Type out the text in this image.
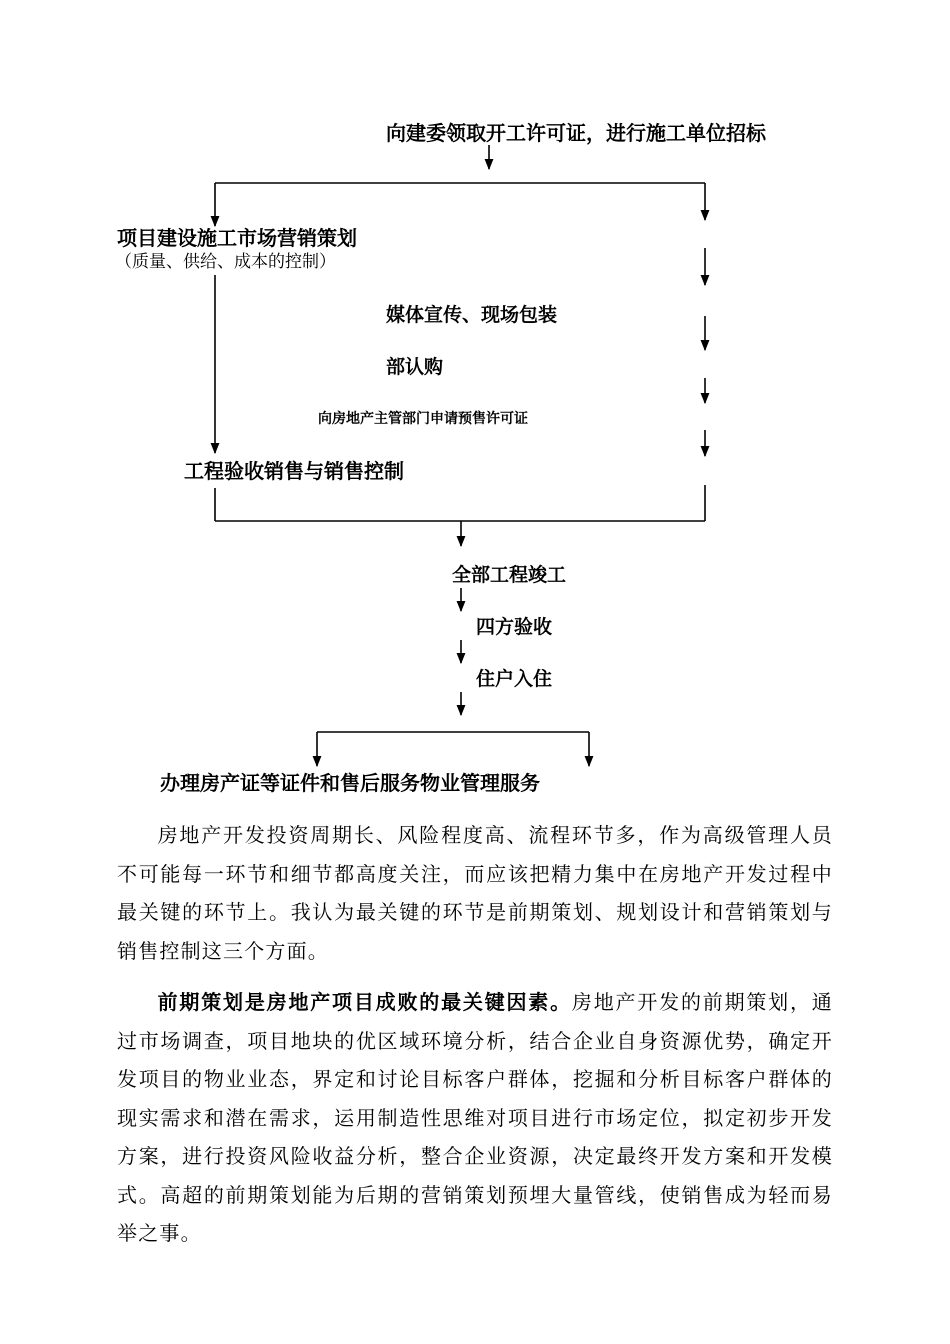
向建委领取开工许可证，进行施工单位招标
项目建设施工市场营销策划
（质量、供给、成本的控制）
媒体宣传、现场包装
部认购
向房地产主管部门申请预售许可证
工程验收销售与销售控制
全部工程竣工
四方验收
住户入住
办理房产证等证件和售后服务物业管理服务

房地产开发投资周期长、风险程度高、流程环节多，作为高级管理人员不可能每一环节和细节都高度关注，而应该把精力集中在房地产开发过程中最关键的环节上。我认为最关键的环节是前期策划、规划设计和营销策划与销售控制这三个方面。

前期策划是房地产项目成败的最关键因素。房地产开发的前期策划，通过市场调查，项目地块的优区域环境分析，结合企业自身资源优势，确定开发项目的物业业态，界定和讨论目标客户群体，挖掘和分析目标客户群体的现实需求和潜在需求，运用制造性思维对项目进行市场定位，拟定初步开发方案，进行投资风险收益分析，整合企业资源，决定最终开发方案和开发模式。高超的前期策划能为后期的营销策划预埋大量管线，使销售成为轻而易举之事。
